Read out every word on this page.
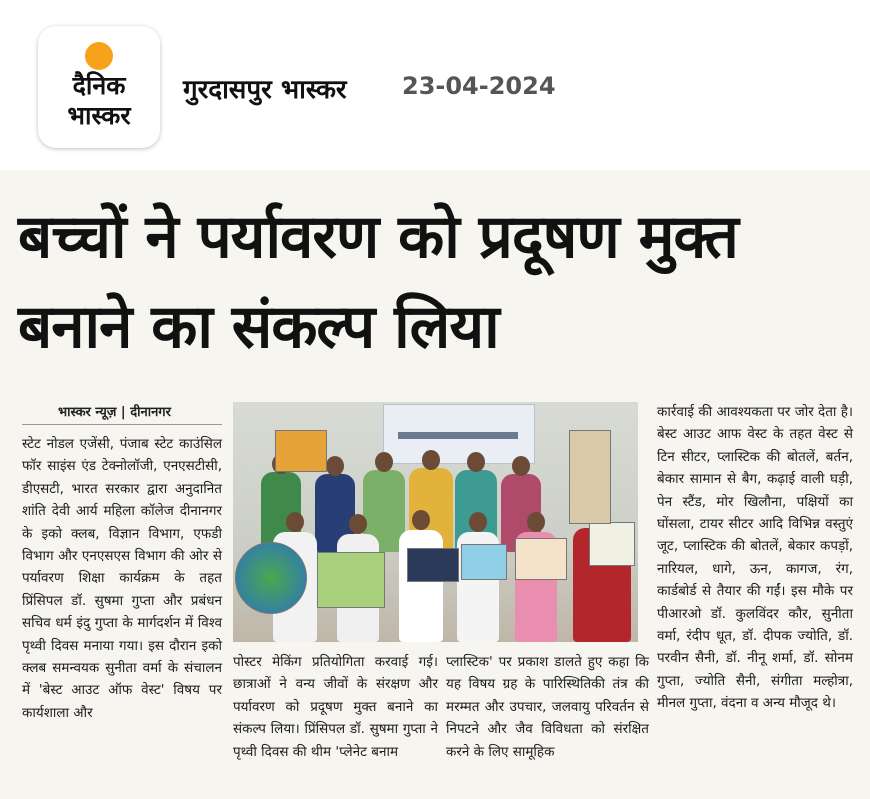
दैनिक
भास्कर
गुरदासपुर भास्कर 23-04-2024
बच्चों ने पर्यावरण को प्रदूषण मुक्त बनाने का संकल्प लिया
भास्कर न्यूज़ | दीनानगर
स्टेट नोडल एजेंसी, पंजाब स्टेट काउंसिल फॉर साइंस एंड टेक्नोलॉजी, एनएसटीसी, डीएसटी, भारत सरकार द्वारा अनुदानित शांति देवी आर्य महिला कॉलेज दीनानगर के इको क्लब, विज्ञान विभाग, एफडी विभाग और एनएसएस विभाग की ओर से पर्यावरण शिक्षा कार्यक्रम के तहत प्रिंसिपल डॉ. सुषमा गुप्ता और प्रबंधन सचिव धर्म इंदु गुप्ता के मार्गदर्शन में विश्व पृथ्वी दिवस मनाया गया। इस दौरान इको क्लब समन्वयक सुनीता वर्मा के संचालन में 'बेस्ट आउट ऑफ वेस्ट' विषय पर कार्यशाला और
पोस्टर मेकिंग प्रतियोगिता करवाई गई। छात्राओं ने वन्य जीवों के संरक्षण और पर्यावरण को प्रदूषण मुक्त बनाने का संकल्प लिया। प्रिंसिपल डॉ. सुषमा गुप्ता ने पृथ्वी दिवस की थीम 'प्लेनेट बनाम
प्लास्टिक' पर प्रकाश डालते हुए कहा कि यह विषय ग्रह के पारिस्थितिकी तंत्र की मरम्मत और उपचार, जलवायु परिवर्तन से निपटने और जैव विविधता को संरक्षित करने के लिए सामूहिक
कार्रवाई की आवश्यकता पर जोर देता है। बेस्ट आउट आफ वेस्ट के तहत वेस्ट से टिन सीटर, प्लास्टिक की बोतलें, बर्तन, बेकार सामान से बैग, कढ़ाई वाली घड़ी, पेन स्टैंड, मोर खिलौना, पक्षियों का घोंसला, टायर सीटर आदि विभिन्न वस्तुएं जूट, प्लास्टिक की बोतलें, बेकार कपड़ों, नारियल, धागे, ऊन, कागज, रंग, कार्डबोर्ड से तैयार की गईं। इस मौके पर पीआरओ डॉ. कुलविंदर कौर, सुनीता वर्मा, रंदीप धूत, डॉ. दीपक ज्योति, डॉ. परवीन सैनी, डॉ. नीनू शर्मा, डॉ. सोनम गुप्ता, ज्योति सैनी, संगीता मल्होत्रा, मीनल गुप्ता, वंदना व अन्य मौजूद थे।
